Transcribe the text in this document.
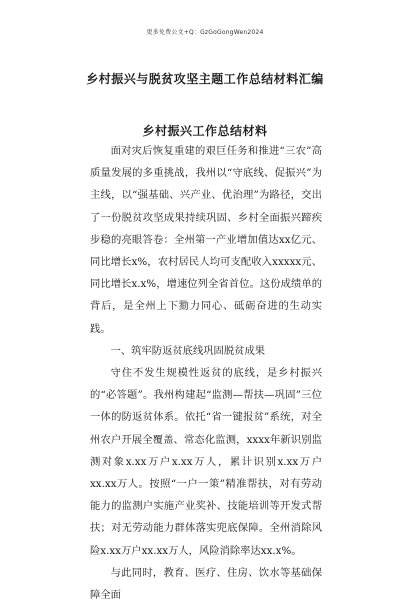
更多免费公文+Q：GzGoGongWen2024
乡村振兴与脱贫攻坚主题工作总结材料汇编
乡村振兴工作总结材料

面对灾后恢复重建的艰巨任务和推进“三农”高质量发展的多重挑战，我州以“守底线、促振兴”为主线，以“强基础、兴产业、优治理”为路径，交出了一份脱贫攻坚成果持续巩固、乡村全面振兴蹄疾步稳的亮眼答卷：全州第一产业增加值达xx亿元、同比增长x%，农村居民人均可支配收入xxxxx元、同比增长x.x%，增速位列全省首位。这份成绩单的背后，是全州上下勠力同心、砥砺奋进的生动实践。

一、筑牢防返贫底线巩固脱贫成果

守住不发生规模性返贫的底线，是乡村振兴的“必答题”。我州构建起“监测—帮扶—巩固”三位一体的防返贫体系。依托“省一键报贫”系统，对全州农户开展全覆盖、常态化监测，xxxx年新识别监测对象x.xx万户x.xx万人，累计识别x.xx万户xx.xx万人。按照“一户一策”精准帮扶，对有劳动能力的监测户实施产业奖补、技能培训等开发式帮扶；对无劳动能力群体落实兜底保障。全州消除风险x.xx万户xx.xx万人，风险消除率达xx.x%。

与此同时，教育、医疗、住房、饮水等基础保障全面
